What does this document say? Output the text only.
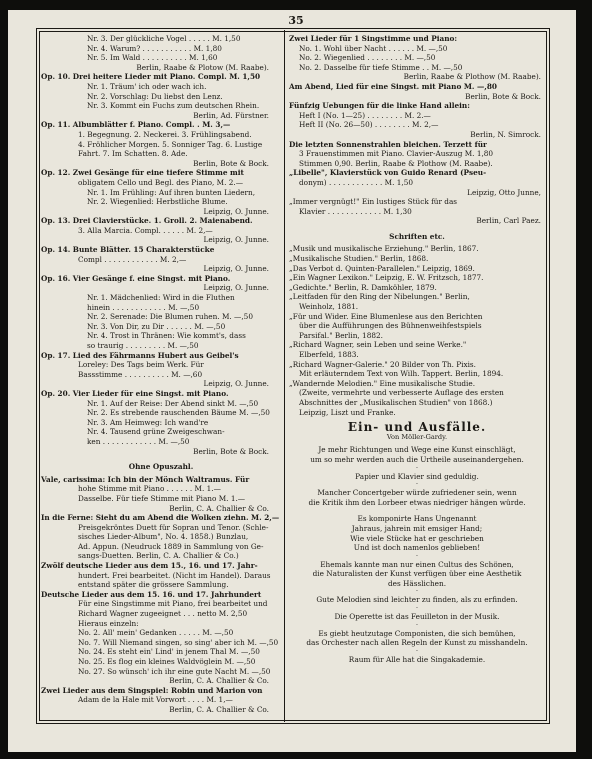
35
Nr. 3. Der glückliche Vogel . . . . . M. 1,50
Nr. 4. Warum? . . . . . . . . . . . M. 1,80
Nr. 5. Im Wald . . . . . . . . . . M. 1,60
Berlin, Raabe & Plotow (M. Raabe).
Op. 10. Drei heitere Lieder mit Piano. Compl. M. 1,50
Nr. 1. Träum' ich oder wach ich.
Nr. 2. Vorschlag: Du liebst den Lenz.
Nr. 3. Kommt ein Fuchs zum deutschen Rhein.
Berlin, Ad. Fürstner.
Op. 11. Albumblätter f. Piano. Compl. . M. 3,—
1. Begegnung. 2. Neckerei. 3. Frühlingsabend.
4. Fröhlicher Morgen. 5. Sonniger Tag. 6. Lustige
Fahrt. 7. Im Schatten. 8. Ade.
Berlin, Bote & Bock.
Op. 12. Zwei Gesänge für eine tiefere Stimme mit
obligatem Cello und Begl. des Piano, M. 2.—
Nr. 1. Im Frühling: Auf ihren bunten Liedern,
Nr. 2. Wiegenlied: Herbstliche Blume.
Leipzig, O. Junne.
Op. 13. Drei Clavierstücke. 1. Groll. 2. Maienabend.
3. Alla Marcia. Compl. . . . . . M. 2,—
Leipzig, O. Junne.
Op. 14. Bunte Blätter. 15 Charakterstücke
Compl . . . . . . . . . . . . M. 2,—
Leipzig, O. Junne.
Op. 16. Vier Gesänge f. eine Singst. mit Piano.
Leipzig, O. Junne.
Nr. 1. Mädchenlied: Wird in die Fluthen
hinein . . . . . . . . . . . . M. —,50
Nr. 2. Serenade: Die Blumen ruhen. M. —,50
Nr. 3. Von Dir, zu Dir . . . . . . M. —,50
Nr. 4. Trost in Thränen: Wie kommt's, dass
so traurig . . . . . . . . . M. —,50
Op. 17. Lied des Fährmanns Hubert aus Geibel's
Loreley: Des Tags beim Werk. Für
Bassstimme . . . . . . . . . . M. —,60
Leipzig, O. Junne.
Op. 20. Vier Lieder für eine Singst. mit Piano.
Nr. 1. Auf der Reise: Der Abend sinkt M. —,50
Nr. 2. Es strebende rauschenden Bäume M. —,50
Nr. 3. Am Heimweg: Ich wand're
Nr. 4. Tausend grüne Zweigeschwan-
ken . . . . . . . . . . . . M. —,50
Berlin, Bote & Bock.
Ohne Opuszahl.
Vale, carissima: Ich bin der Mönch Waltramus. Für
hohe Stimme mit Piano . . . . . . M. 1.—
Dasselbe. Für tiefe Stimme mit Piano M. 1.—
Berlin, C. A. Challier & Co.
In die Ferne: Sieht du am Abend die Wolken ziehn. M. 2,—
Preisgekröntes Duett für Sopran und Tenor. (Schle-
sisches Lieder-Album", No. 4. 1858.) Bunzlau,
Ad. Appun. (Neudruck 1889 in Sammlung von Ge-
sangs-Duetten. Berlin, C. A. Challier & Co.)
Zwölf deutsche Lieder aus dem 15., 16. und 17. Jahr-
hundert. Frei bearbeitet. (Nicht im Handel). Daraus
entstand später die grössere Sammlung.
Deutsche Lieder aus dem 15. 16. und 17. Jahrhundert
Für eine Singstimme mit Piano, frei bearbeitet und
Richard Wagner zugeeignet . . . netto M. 2,50
Hieraus einzeln:
No. 2. All' mein' Gedanken . . . . . M. —,50
No. 7. Will Niemand singen, so sing' aber ich M. —,50
No. 24. Es steht ein' Lind' in jenem Thal M. —,50
No. 25. Es flog ein kleines Waldvöglein M. —,50
No. 27. So wünsch' ich ihr eine gute Nacht M. —,50
Berlin, C. A. Challier & Co.
Zwei Lieder aus dem Singspiel: Robin und Marion von
Adam de la Hale mit Vorwort . . . . M. 1,—
Berlin, C. A. Challier & Co.
Zwei Lieder für 1 Singstimme und Piano:
No. 1. Wohl über Nacht . . . . . . M. —,50
No. 2. Wiegenlied . . . . . . . . M. —,50
No. 2. Dasselbe für tiefe Stimme . . M. —,50
Berlin, Raabe & Plothow (M. Raabe).
Am Abend, Lied für eine Singst. mit Piano M. —,80
Berlin, Bote & Bock.
Fünfzig Uebungen für die linke Hand allein:
Heft I (No. 1—25) . . . . . . . . M. 2.—
Heft II (No. 26—50) . . . . . . . . M. 2,—
Berlin, N. Simrock.
Die letzten Sonnenstrahlen bleichen. Terzett für
3 Frauenstimmen mit Piano. Clavier-Auszug M. 1,80
Stimmen 0,90. Berlin, Raabe & Plothow (M. Raabe).
„Libelle", Klavierstück von Guido Renard (Pseu-
donym) . . . . . . . . . . . . M. 1,50
Leipzig, Otto Junne,
„Immer vergnügt!" Ein lustiges Stück für das
Klavier . . . . . . . . . . . . M. 1,30
Berlin, Carl Paez.
Schriften etc.
„Musik und musikalische Erziehung." Berlin, 1867.
„Musikalische Studien." Berlin, 1868.
„Das Verbot d. Quinten-Parallelen." Leipzig, 1869.
„Ein Wagner Lexikon." Leipzig, E. W. Fritzsch, 1877.
„Gedichte." Berlin, R. Damköhler, 1879.
„Leitfaden für den Ring der Nibelungen." Berlin,
Weinholz, 1881.
„Für und Wider. Eine Blumenlese aus den Berichten
über die Aufführungen des Bühnenweihfestspiels
Parsifal." Berlin, 1882.
„Richard Wagner, sein Leben und seine Werke."
Elberfeld, 1883.
„Richard Wagner-Galerie." 20 Bilder von Th. Pixis.
Mit erläuterndem Text von Wilh. Tappert. Berlin, 1894.
„Wandernde Melodien." Eine musikalische Studie.
(Zweite, vermehrte und verbesserte Auflage des ersten
Abschnittes der „Musikalischen Studien" von 1868.)
Leipzig, Liszt und Franke.
Ein- und Ausfälle.
Von Möller-Gardy.
Je mehr Richtungen und Wege eine Kunst einschlägt,
um so mehr werden auch die Urtheile auseinandergehen.
·
Papier und Klavier sind geduldig.
·
Mancher Concertgeber würde zufriedener sein, wenn
die Kritik ihm den Lorbeer etwas niedriger hängen würde.
·
Es komponirte Hans Ungenannt
Jahraus, jahrein mit emsiger Hand;
Wie viele Stücke hat er geschrieben
Und ist doch namenlos geblieben!
·
Ehemals kannte man nur einen Cultus des Schönen,
die Naturalisten der Kunst verfügen über eine Aesthetik
des Hässlichen.
·
Gute Melodien sind leichter zu finden, als zu erfinden.
·
Die Operette ist das Feuilleton in der Musik.
·
Es giebt heutzutage Componisten, die sich bemühen,
das Orchester nach allen Regeln der Kunst zu misshandeln.
·
Raum für Alle hat die Singakademie.
